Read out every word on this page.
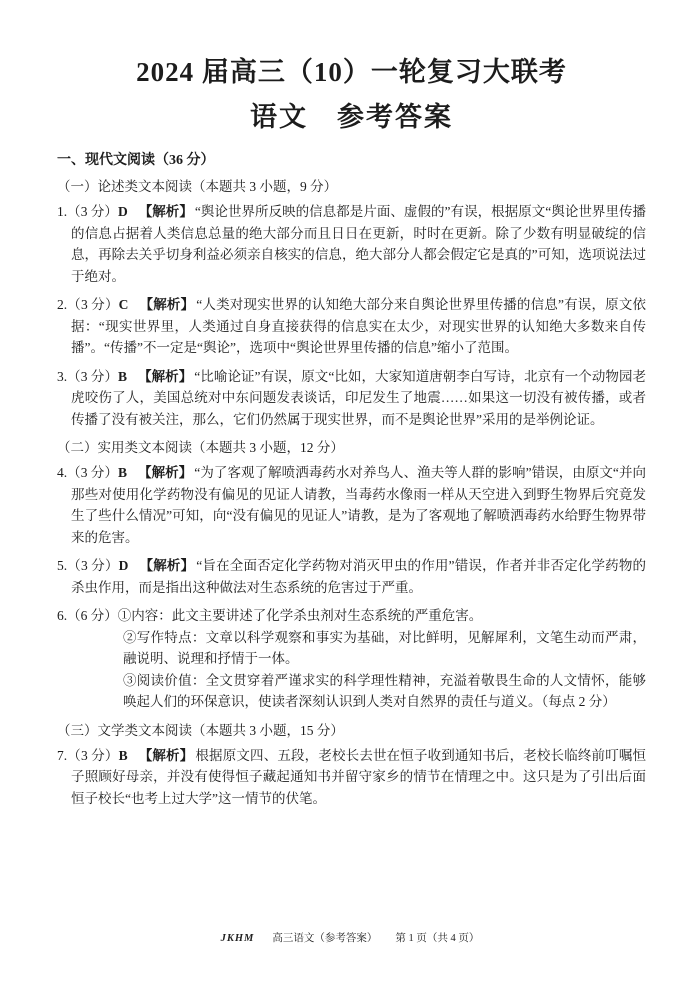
2024 届高三（10）一轮复习大联考
语文　参考答案
一、现代文阅读（36 分）
（一）论述类文本阅读（本题共 3 小题，9 分）

1.（3 分）D 【解析】 “舆论世界所反映的信息都是片面、虚假的”有误，根据原文“舆论世界里传播的信息占据着人类信息总量的绝大部分而且日日在更新，时时在更新。除了少数有明显破绽的信息，再除去关乎切身利益必须亲自核实的信息，绝大部分人都会假定它是真的”可知，选项说法过于绝对。

2.（3 分）C 【解析】 “人类对现实世界的认知绝大部分来自舆论世界里传播的信息”有误，原文依据：“现实世界里，人类通过自身直接获得的信息实在太少，对现实世界的认知绝大多数来自传播”。“传播”不一定是“舆论”，选项中“舆论世界里传播的信息”缩小了范围。

3.（3 分）B 【解析】 “比喻论证”有误，原文“比如，大家知道唐朝李白写诗，北京有一个动物园老虎咬伤了人，美国总统对中东问题发表谈话，印尼发生了地震……如果这一切没有被传播，或者传播了没有被关注，那么，它们仍然属于现实世界，而不是舆论世界”采用的是举例论证。

（二）实用类文本阅读（本题共 3 小题，12 分）

4.（3 分）B 【解析】 “为了客观了解喷洒毒药水对养鸟人、渔夫等人群的影响”错误，由原文“并向那些对使用化学药物没有偏见的见证人请教，当毒药水像雨一样从天空进入到野生物界后究竟发生了些什么情况”可知，向“没有偏见的见证人”请教，是为了客观地了解喷洒毒药水给野生物界带来的危害。

5.（3 分）D 【解析】 “旨在全面否定化学药物对消灭甲虫的作用”错误，作者并非否定化学药物的杀虫作用，而是指出这种做法对生态系统的危害过于严重。

6.（6 分）①内容：此文主要讲述了化学杀虫剂对生态系统的严重危害。

②写作特点：文章以科学观察和事实为基础，对比鲜明，见解犀利，文笔生动而严肃，融说明、说理和抒情于一体。

③阅读价值：全文贯穿着严谨求实的科学理性精神，充溢着敬畏生命的人文情怀，能够唤起人们的环保意识，使读者深刻认识到人类对自然界的责任与道义。（每点 2 分）

（三）文学类文本阅读（本题共 3 小题，15 分）

7.（3 分）B 【解析】 根据原文四、五段，老校长去世在恒子收到通知书后，老校长临终前叮嘱恒子照顾好母亲，并没有使得恒子藏起通知书并留守家乡的情节在情理之中。这只是为了引出后面恒子校长“也考上过大学”这一情节的伏笔。

JKHM 高三语文（参考答案） 第 1 页（共 4 页）
